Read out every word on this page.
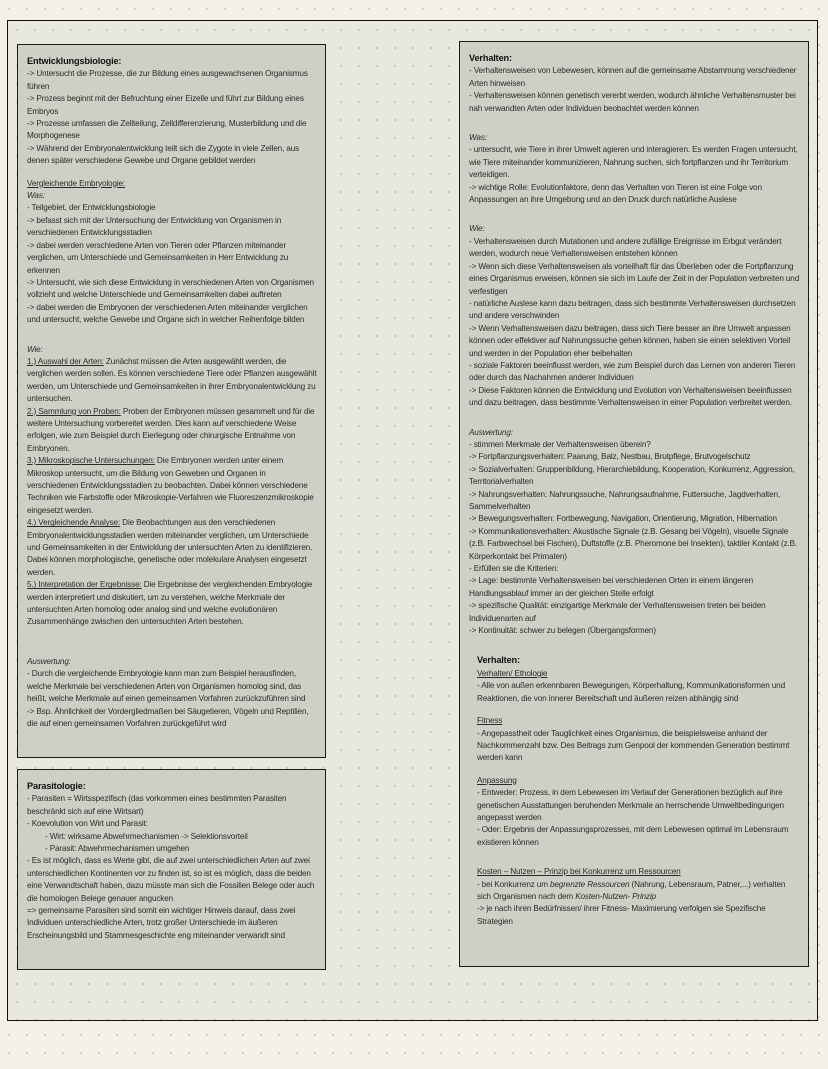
Entwicklungsbiologie:

-> Untersucht die Prozesse, die zur Bildung eines ausgewachsenen Organismus führen

-> Prozess beginnt mit der Befruchtung einer Eizelle und führt zur Bildung eines Embryos

-> Prozesse umfassen die Zellteilung, Zelldifferenzierung, Musterbildung und die Morphogenese

-> Während der Embryonalentwicklung teilt sich die Zygote in viele Zellen, aus denen später verschiedene Gewebe und Organe gebildet werden

Vergleichende Embryologie:

Was:

- Teilgebiet, der Entwicklungsbiologie

-> befasst sich mit der Untersuchung der Entwicklung von Organismen in verschiedenen Entwicklungsstadien

-> dabei werden verschiedene Arten von Tieren oder Pflanzen miteinander verglichen, um Unterschiede und Gemeinsamkeiten in Herr Entwicklung zu erkennen

-> Untersucht, wie sich diese Entwicklung in verschiedenen Arten von Organismen vollzieht und welche Unterschiede und Gemeinsamkeiten dabei auftreten

-> dabei werden die Embryonen der verschiedenen Arten miteinander verglichen und untersucht, welche Gewebe und Organe sich in welcher Reihenfolge bilden

Wie:

1.) Auswahl der Arten: Zunächst müssen die Arten ausgewählt werden, die verglichen werden sollen. Es können verschiedene Tiere oder Pflanzen ausgewählt werden, um Unterschiede und Gemeinsamkeiten in ihrer Embryonalentwicklung zu untersuchen.

2.) Sammlung von Proben: Proben der Embryonen müssen gesammelt und für die weitere Untersuchung vorbereitet werden. Dies kann auf verschiedene Weise erfolgen, wie zum Beispiel durch Eierlegung oder chirurgische Entnahme von Embryonen.

3.) Mikroskopische Untersuchungen: Die Embryonen werden unter einem Mikroskop untersucht, um die Bildung von Geweben und Organen in verschiedenen Entwicklungsstadien zu beobachten. Dabei können verschiedene Techniken wie Farbstoffe oder Mikroskopie-Verfahren wie Fluoreszenzmikroskopie eingesetzt werden.

4.) Vergleichende Analyse: Die Beobachtungen aus den verschiedenen Embryonalentwicklungsstadien werden miteinander verglichen, um Unterschiede und Gemeinsamkeiten in der Entwicklung der untersuchten Arten zu identifizieren. Dabei können morphologische, genetische oder molekulare Analysen eingesetzt werden.

5.) Interpretation der Ergebnisse: Die Ergebnisse der vergleichenden Embryologie werden interpretiert und diskutiert, um zu verstehen, welche Merkmale der untersuchten Arten homolog oder analog sind und welche evolutionären Zusammenhänge zwischen den untersuchten Arten bestehen.

Auswertung:

- Durch die vergleichende Embryologie kann man zum Beispiel herausfinden, welche Merkmale bei verschiedenen Arten von Organismen homolog sind, das heißt, welche Merkmale auf einen gemeinsamen Vorfahren zurückzuführen sind

-> Bsp. Ähnlichkeit der Vordergliedmaßen bei Säugetieren, Vögeln und Reptilien, die auf einen gemeinsamen Vorfahren zurückgeführt wird

Parasitologie:

- Parasiten = Wirtsspezifisch (das vorkommen eines bestimmten Parasiten beschränkt sich auf eine Wirtsart)

- Koevolution von Wirt und Parasit:

- Wirt: wirksame Abwehrmechanismen -> Selektionsvorteil

- Parasit: Abwehrmechanismen umgehen

- Es ist möglich, dass es Werte gibt, die auf zwei unterschiedlichen Arten auf zwei unterschiedlichen Kontinenten vor zu finden ist, so ist es möglich, dass die beiden eine Verwandtschaft haben, dazu müsste man sich die Fossilien Belege oder auch die homologen Belege genauer angucken

=> gemeinsame Parasiten sind somit ein wichtiger Hinweis darauf, dass zwei Individuen unterschiedliche Arten, trotz großer Unterschiede im äußeren Erscheinungsbild und Stammesgeschichte eng miteinander verwandt sind

Verhalten:

- Verhaltensweisen von Lebewesen, können auf die gemeinsame Abstammung verschiedener Arten hinweisen

- Verhaltensweisen können genetisch vererbt werden, wodurch ähnliche Verhaltensmuster bei nah verwandten Arten oder Individuen beobachtet werden können

Was:

- untersucht, wie Tiere in ihrer Umwelt agieren und interagieren. Es werden Fragen untersucht, wie Tiere miteinander kommunizieren, Nahrung suchen, sich fortpflanzen und ihr Territorium verteidigen.

-> wichtige Rolle: Evolutionfaktore, denn das Verhalten von Tieren ist eine Folge von Anpassungen an ihre Umgebung und an den Druck durch natürliche Auslese

Wie:

- Verhaltensweisen durch Mutationen und andere zufällige Ereignisse im Erbgut verändert werden, wodurch neue Verhaltensweisen entstehen können

-> Wenn sich diese Verhaltensweisen als vorteilhaft für das Überleben oder die Fortpflanzung eines Organismus erweisen, können sie sich im Laufe der Zeit in der Population verbreiten und verfestigen

- natürliche Auslese kann dazu beitragen, dass sich bestimmte Verhaltensweisen durchsetzen und andere verschwinden

-> Wenn Verhaltensweisen dazu beitragen, dass sich Tiere besser an ihre Umwelt anpassen können oder effektiver auf Nahrungssuche gehen können, haben sie einen selektiven Vorteil und werden in der Population eher beibehalten

- soziale Faktoren beeinflusst werden, wie zum Beispiel durch das Lernen von anderen Tieren oder durch das Nachahmen anderer Individuen

-> Diese Faktoren können die Entwicklung und Evolution von Verhaltensweisen beeinflussen und dazu beitragen, dass bestimmte Verhaltensweisen in einer Population verbreitet werden.

Auswertung:

- stimmen Merkmale der Verhaltensweisen überein?

-> Fortpflanzungsverhalten: Paarung, Balz, Nestbau, Brutpflege, Brutvogelschutz

-> Sozialverhalten: Gruppenbildung, Hierarchiebildung, Kooperation, Konkurrenz, Aggression, Territorialverhalten

-> Nahrungsverhalten: Nahrungssuche, Nahrungsaufnahme, Futtersuche, Jagdverhalten, Sammelverhalten

-> Bewegungsverhalten: Fortbewegung, Navigation, Orientierung, Migration, Hibernation

-> Kommunikationsverhalten: Akustische Signale (z.B. Gesang bei Vögeln), visuelle Signale (z.B. Farbwechsel bei Fischen), Duftstoffe (z.B. Pheromone bei Insekten), taktiler Kontakt (z.B. Körperkontakt bei Primaten)

- Erfüllen sie die Kriterien:

-> Lage: bestimmte Verhaltensweisen bei verschiedenen Orten in einem längeren Handlungsablauf immer an der gleichen Stelle erfolgt

-> spezifische Qualität: einzigartige Merkmale der Verhaltensweisen treten bei beiden Individuenarten auf

-> Kontinuität: schwer zu belegen (Übergangsformen)

Verhalten:

Verhalten/ Ethologie

- Alle von außen erkennbaren Bewegungen, Körperhaltung, Kommunikationsformen und Reaktionen, die von innerer Bereitschaft und äußeren reizen abhängig sind

Fitness

- Angepasstheit oder Tauglichkeit eines Organismus, die beispielsweise anhand der Nachkommenzahl bzw. Des Beitrags zum Genpool der kommenden Generation bestimmt werden kann

Anpassung

- Entweder: Prozess, in dem Lebewesen im Verlauf der Generationen bezüglich auf ihre genetischen Ausstattungen beruhenden Merkmale an herrschende Umweltbedingungen angepasst werden

- Oder: Ergebnis der Anpassungsprozesses, mit dem Lebewesen optimal im Lebensraum existieren können

Kosten – Nutzen – Prinzip bei Konkurrenz um Ressourcen

- bei Konkurrenz um begrenzte Ressourcen (Nahrung, Lebensraum, Patner,...) verhalten sich Organismen nach dem Kosten-Nutzen- Prinzip

-> je nach ihren Bedürfnissen/ ihrer Fitness- Maximierung verfolgen sie Spezifische Strategien
